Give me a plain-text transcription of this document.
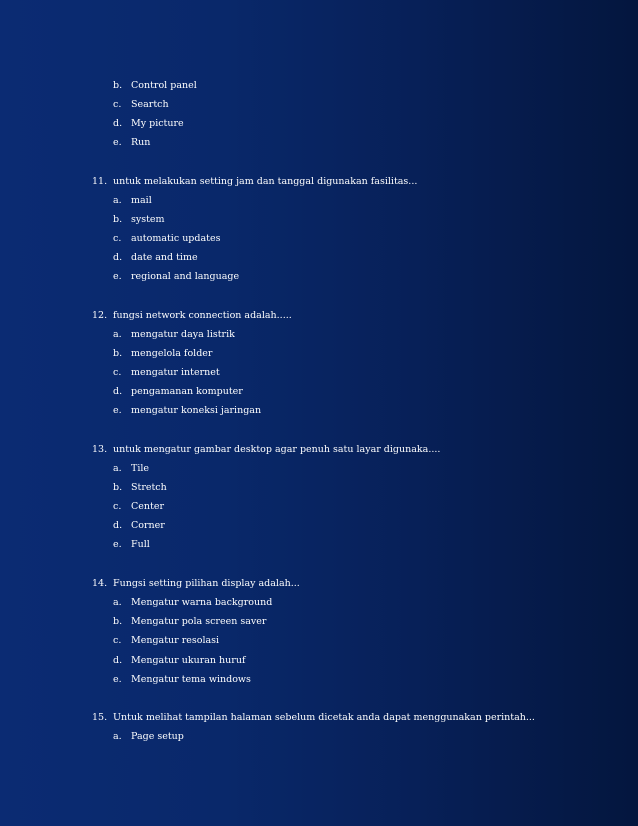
b. Control panel
c.	Seartch
d. My picture
e. Run
11. untuk melakukan setting jam dan tanggal digunakan fasilitas...
a. mail
b. system
c.	automatic updates
d. date and time
e. regional and language
12. fungsi network connection adalah.....
a. mengatur daya listrik
b. mengelola folder
c.	mengatur internet
d. pengamanan komputer
e. mengatur koneksi jaringan
13. untuk mengatur gambar desktop agar penuh satu layar digunaka....
a. Tile
b. Stretch
c.	Center
d. Corner
e. Full
14. Fungsi setting pilihan display adalah...
a. Mengatur warna background
b. Mengatur pola screen saver
c.	Mengatur resolasi
d. Mengatur ukuran huruf
e. Mengatur tema windows
15. Untuk melihat tampilan halaman sebelum dicetak anda dapat menggunakan perintah...
a. Page setup
